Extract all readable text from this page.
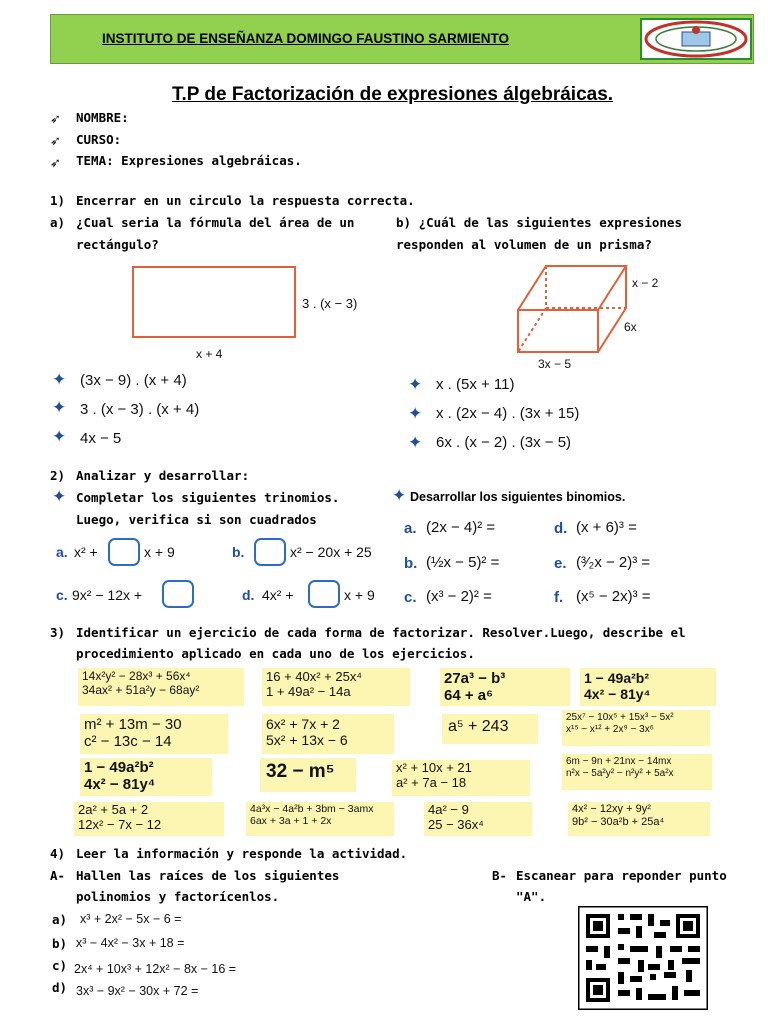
INSTITUTO DE ENSEÑANZA DOMINGO FAUSTINO SARMIENTO
T.P de Factorización de expresiones álgebráicas.
➶ NOMBRE:
➶ CURSO:
➶ TEMA: Expresiones algebráicas.
1) Encerrar en un circulo la respuesta correcta.
a) ¿Cual seria la fórmula del área de un
rectángulo?
3 . (x − 3)
x + 4
✦ (3x − 9) . (x + 4)
✦ 3 . (x − 3) . (x + 4)
✦ 4x − 5
b) ¿Cuál de las siguientes expresiones
responden al volumen de un prisma?
x − 2
6x
3x − 5
✦ x . (5x + 11)
✦ x . (2x − 4) . (3x + 15)
✦ 6x . (x − 2) . (3x − 5)
2) Analizar y desarrollar:
✦ Completar los siguientes trinomios.
Luego, verifica si son cuadrados
✦ Desarrollar los siguientes binomios.
a. x² +	x + 9	b.	x² − 20x + 25
c. 9x² − 12x +	d. 4x² +	x + 9
a. (2x − 4)² =	d. (x + 6)³ =
b. (½x − 5)² =	e. (³⁄₂x − 2)³ =
c. (x³ − 2)² =	f. (x⁵ − 2x)³ =
3) Identificar un ejercicio de cada forma de factorizar. Resolver.Luego, describe el
procedimiento aplicado en cada uno de los ejercicios.
14x²y² − 28x³ + 56x⁴
34ax² + 51a²y − 68ay²
16 + 40x² + 25x⁴
1 + 49a² − 14a
27a³ − b³
64 + a⁶
1 − 49a²b²
4x² − 81y⁴
m² + 13m − 30
c² − 13c − 14
6x² + 7x + 2
5x² + 13x − 6
a⁵ + 243
25x⁷ − 10x⁵ + 15x³ − 5x²
x¹⁵ − x¹² + 2x⁹ − 3x⁶
1 − 49a²b²
4x² − 81y⁴
32 − m⁵	x² + 10x + 21
a² + 7a − 18
6m − 9n + 21nx − 14mx
n²x − 5a²y² − n²y² + 5a²x
2a² + 5a + 2
12x² − 7x − 12
4a³x − 4a²b + 3bm − 3amx
6ax + 3a + 1 + 2x
4a² − 9
25 − 36x⁴
4x² − 12xy + 9y²
9b² − 30a²b + 25a⁴
4) Leer la información y responde la actividad.
A- Hallen las raíces de los siguientes
polinomios y factorícenlos.
B- Escanear para reponder punto
"A".
a) x³ + 2x² − 5x − 6 =
b) x³ − 4x² − 3x + 18 =
c) 2x⁴ + 10x³ + 12x² − 8x − 16 =
d) 3x³ − 9x² − 30x + 72 =
